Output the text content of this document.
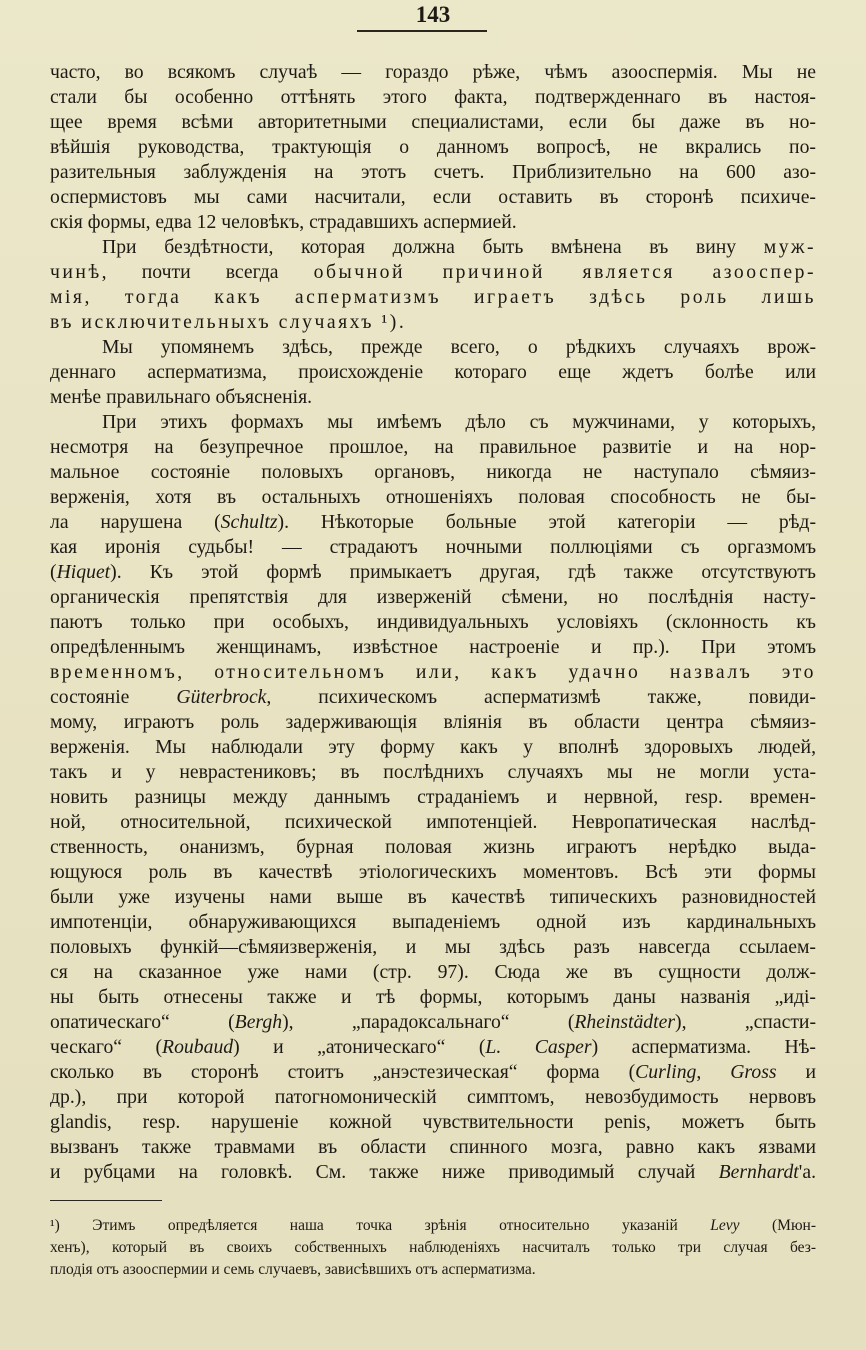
143
часто, во всякомъ случаѣ — гораздо рѣже, чѣмъ азооспермія. Мы не
стали бы особенно оттѣнять этого факта, подтвержденнаго въ настоя-
щее время всѣми авторитетными специалистами, если бы даже въ но-
вѣйшія руководства, трактующія о данномъ вопросѣ, не вкрались по-
разительныя заблужденія на этотъ счетъ. Приблизительно на 600 азо-
оспермистовъ мы сами насчитали, если оставить въ сторонѣ психиче-
скія формы, едва 12 человѣкъ, страдавшихъ аспермией.
При бездѣтности, которая должна быть вмѣнена въ вину муж-
чинѣ, почти всегда обычной причиной является азооспер-
мія, тогда какъ асперматизмъ играетъ здѣсь роль лишь
въ исключительныхъ случаяхъ ¹).
Мы упомянемъ здѣсь, прежде всего, о рѣдкихъ случаяхъ врож-
деннаго асперматизма, происхожденіе котораго еще ждетъ болѣе или
менѣе правильнаго объясненія.
При этихъ формахъ мы имѣемъ дѣло съ мужчинами, у которыхъ,
несмотря на безупречное прошлое, на правильное развитіе и на нор-
мальное состояніе половыхъ органовъ, никогда не наступало сѣмяиз-
верженія, хотя въ остальныхъ отношеніяхъ половая способность не бы-
ла нарушена (Schultz). Нѣкоторые больные этой категоріи — рѣд-
кая иронія судьбы! — страдаютъ ночными поллюціями съ оргазмомъ
(Hiquet). Къ этой формѣ примыкаетъ другая, гдѣ также отсутствуютъ
органическія препятствія для изверженій сѣмени, но послѣднія насту-
паютъ только при особыхъ, индивидуальныхъ условіяхъ (склонность къ
опредѣленнымъ женщинамъ, извѣстное настроеніе и пр.). При этомъ
временномъ, относительномъ или, какъ удачно назвалъ это
состояніе Güterbrock, психическомъ асперматизмѣ также, повиди-
мому, играютъ роль задерживающія вліянія въ области центра сѣмяиз-
верженія. Мы наблюдали эту форму какъ у вполнѣ здоровыхъ людей,
такъ и у неврастениковъ; въ послѣднихъ случаяхъ мы не могли уста-
новить разницы между даннымъ страданіемъ и нервной, resp. времен-
ной, относительной, психической импотенціей. Невропатическая наслѣд-
ственность, онанизмъ, бурная половая жизнь играютъ нерѣдко выда-
ющуюся роль въ качествѣ этіологическихъ моментовъ. Всѣ эти формы
были уже изучены нами выше въ качествѣ типическихъ разновидностей
импотенціи, обнаруживающихся выпаденіемъ одной изъ кардинальныхъ
половыхъ функій—сѣмяизверженія, и мы здѣсь разъ навсегда ссылаем-
ся на сказанное уже нами (стр. 97). Сюда же въ сущности долж-
ны быть отнесены также и тѣ формы, которымъ даны названія „иді-
опатическаго“ (Bergh), „парадоксальнаго“ (Rheinstädter), „спасти-
ческаго“ (Roubaud) и „атоническаго“ (L. Casper) асперматизма. Нѣ-
сколько въ сторонѣ стоитъ „анэстезическая“ форма (Curling, Gross и
др.), при которой патогномоническій симптомъ, невозбудимость нервовъ
glandis, resp. нарушеніе кожной чувствительности penis, можетъ быть
вызванъ также травмами въ области спинного мозга, равно какъ язвами
и рубцами на головкѣ. См. также ниже приводимый случай Bernhardt'а.
¹) Этимъ опредѣляется наша точка зрѣнія относительно указаній Levy (Мюн-
хенъ), который въ своихъ собственныхъ наблюденіяхъ насчиталъ только три случая без-
плодія отъ азооспермии и семь случаевъ, зависѣвшихъ отъ асперматизма.
